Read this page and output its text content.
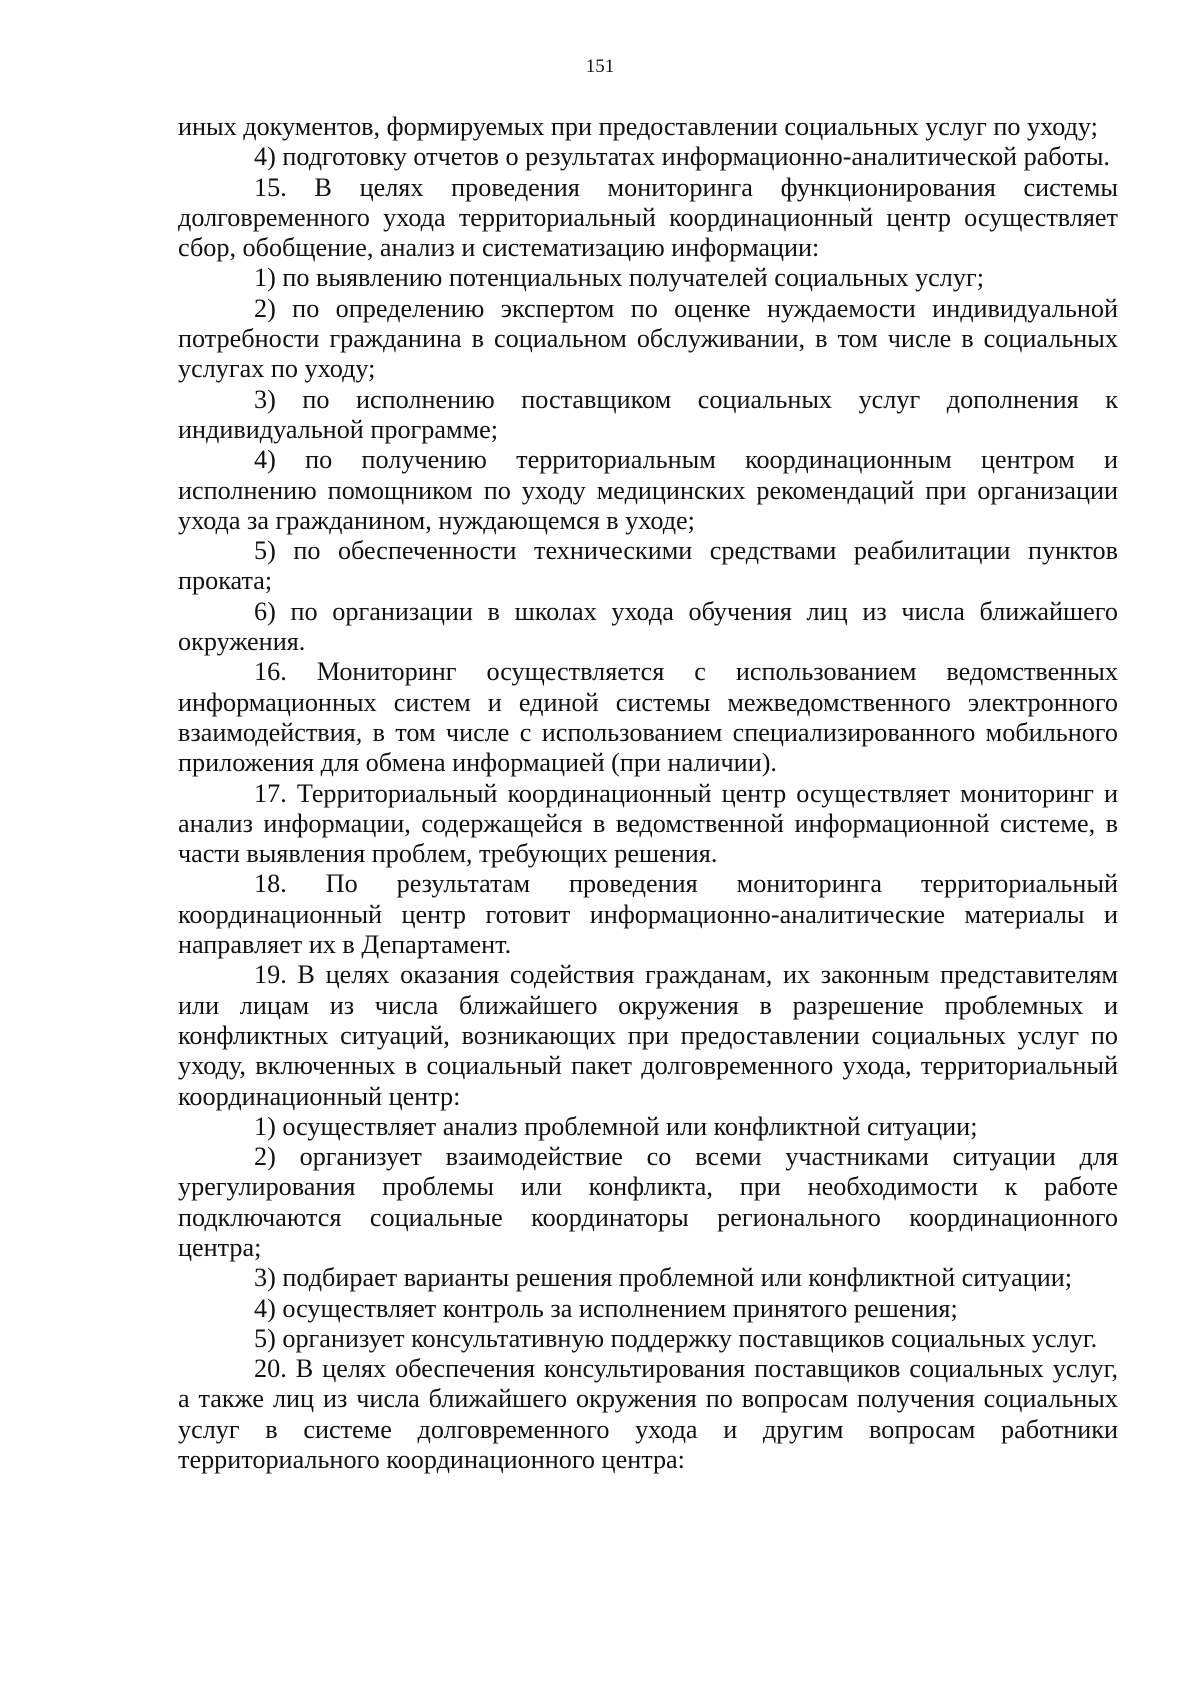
151

иных документов, формируемых при предоставлении социальных услуг по уходу;

4) подготовку отчетов о результатах информационно-аналитической работы.

15. В целях проведения мониторинга функционирования системы долговременного ухода территориальный координационный центр осуществляет сбор, обобщение, анализ и систематизацию информации:

1) по выявлению потенциальных получателей социальных услуг;

2) по определению экспертом по оценке нуждаемости индивидуальной потребности гражданина в социальном обслуживании, в том числе в социальных услугах по уходу;

3) по исполнению поставщиком социальных услуг дополнения к индивидуальной программе;

4) по получению территориальным координационным центром и исполнению помощником по уходу медицинских рекомендаций при организации ухода за гражданином, нуждающемся в уходе;

5) по обеспеченности техническими средствами реабилитации пунктов проката;

6) по организации в школах ухода обучения лиц из числа ближайшего окружения.

16. Мониторинг осуществляется с использованием ведомственных информационных систем и единой системы межведомственного электронного взаимодействия, в том числе с использованием специализированного мобильного приложения для обмена информацией (при наличии).

17. Территориальный координационный центр осуществляет мониторинг и анализ информации, содержащейся в ведомственной информационной системе, в части выявления проблем, требующих решения.

18. По результатам проведения мониторинга территориальный координационный центр готовит информационно-аналитические материалы и направляет их в Департамент.

19. В целях оказания содействия гражданам, их законным представителям или лицам из числа ближайшего окружения в разрешение проблемных и конфликтных ситуаций, возникающих при предоставлении социальных услуг по уходу, включенных в социальный пакет долговременного ухода, территориальный координационный центр:

1) осуществляет анализ проблемной или конфликтной ситуации;

2) организует взаимодействие со всеми участниками ситуации для урегулирования проблемы или конфликта, при необходимости к работе подключаются социальные координаторы регионального координационного центра;

3) подбирает варианты решения проблемной или конфликтной ситуации;

4) осуществляет контроль за исполнением принятого решения;

5) организует консультативную поддержку поставщиков социальных услуг.

20. В целях обеспечения консультирования поставщиков социальных услуг, а также лиц из числа ближайшего окружения по вопросам получения социальных услуг в системе долговременного ухода и другим вопросам работники территориального координационного центра:
